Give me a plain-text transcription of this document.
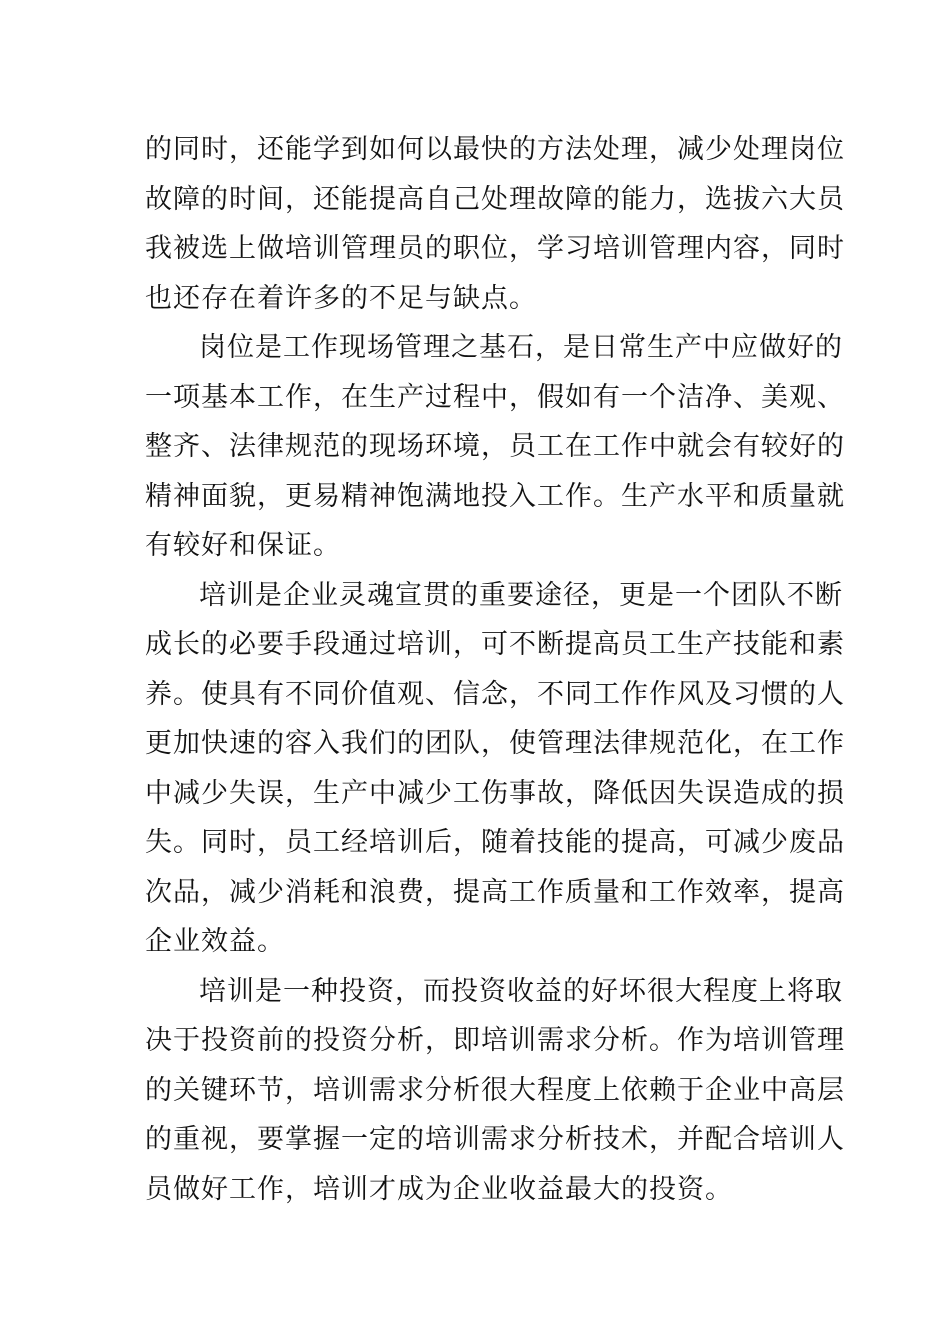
的同时，还能学到如何以最快的方法处理，减少处理岗位
故障的时间，还能提高自己处理故障的能力，选拔六大员
我被选上做培训管理员的职位，学习培训管理内容，同时
也还存在着许多的不足与缺点。
岗位是工作现场管理之基石，是日常生产中应做好的
一项基本工作，在生产过程中，假如有一个洁净、美观、
整齐、法律规范的现场环境，员工在工作中就会有较好的
精神面貌，更易精神饱满地投入工作。生产水平和质量就
有较好和保证。
培训是企业灵魂宣贯的重要途径，更是一个团队不断
成长的必要手段通过培训，可不断提高员工生产技能和素
养。使具有不同价值观、信念，不同工作作风及习惯的人
更加快速的容入我们的团队，使管理法律规范化，在工作
中减少失误，生产中减少工伤事故，降低因失误造成的损
失。同时，员工经培训后，随着技能的提高，可减少废品
次品，减少消耗和浪费，提高工作质量和工作效率，提高
企业效益。
培训是一种投资，而投资收益的好坏很大程度上将取
决于投资前的投资分析，即培训需求分析。作为培训管理
的关键环节，培训需求分析很大程度上依赖于企业中高层
的重视，要掌握一定的培训需求分析技术，并配合培训人
员做好工作，培训才成为企业收益最大的投资。
